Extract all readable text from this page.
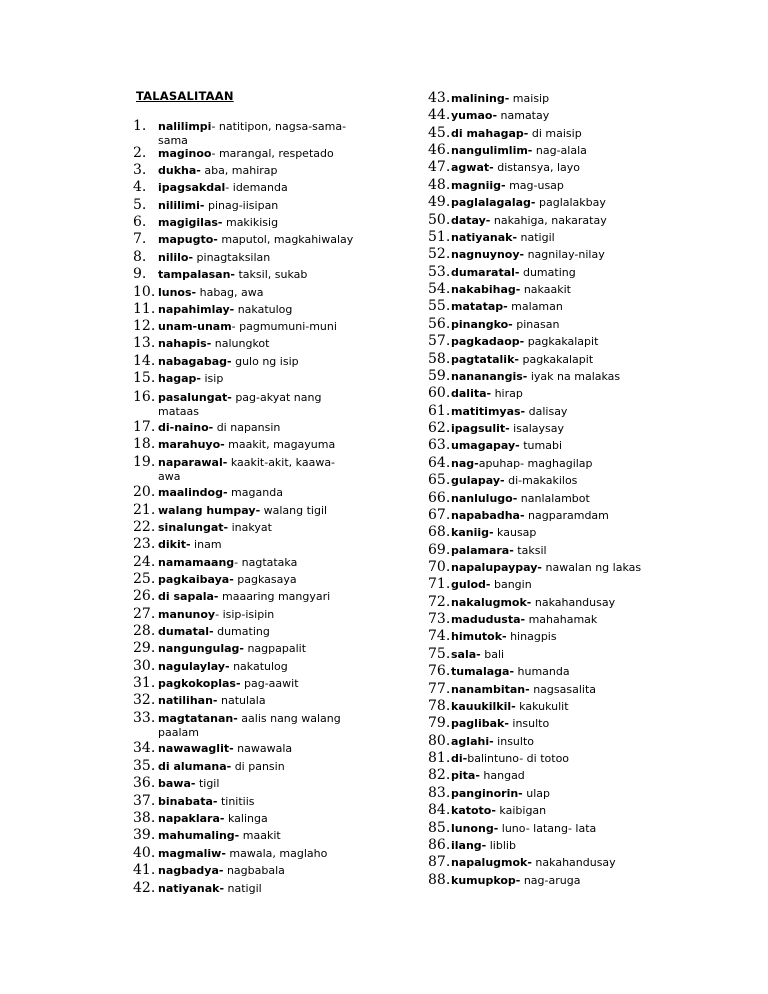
TALASALITAAN
1.	nalilimpi- natitipon, nagsa-sama-sama
2.	maginoo- marangal, respetado
3.	dukha- aba, mahirap
4.	ipagsakdal- idemanda
5.	nililimi- pinag-iisipan
6.	magigilas- makikisig
7.	mapugto- maputol, magkahiwalay
8.	nililo- pinagtaksilan
9.	tampalasan- taksil, sukab
10. lunos- habag, awa
11. napahimlay- nakatulog
12. unam-unam- pagmumuni-muni
13. nahapis- nalungkot
14. nabagabag- gulo ng isip
15. hagap- isip
16. pasalungat- pag-akyat nang mataas
17. di-naino- di napansin
18. marahuyo- maakit, magayuma
19. naparawal- kaakit-akit, kaawa-awa
20. maalindog- maganda
21. walang humpay- walang tigil
22. sinalungat- inakyat
23. dikit- inam
24. namamaang- nagtataka
25. pagkaibaya- pagkasaya
26. di sapala- maaaring mangyari
27. manunoy- isip-isipin
28. dumatal- dumating
29. nangungulag- nagpapalit
30. nagulaylay- nakatulog
31. pagkokoplas- pag-aawit
32. natilihan- natulala
33. magtatanan- aalis nang walang paalam
34. nawawaglit- nawawala
35. di alumana- di pansin
36. bawa- tigil
37. binabata- tinitiis
38. napaklara- kalinga
39. mahumaling- maakit
40. magmaliw- mawala, maglaho
41. nagbadya- nagbabala
42. natiyanak- natigil
43. malining- maisip
44. yumao- namatay
45. di mahagap- di maisip
46. nangulimlim- nag-alala
47. agwat- distansya, layo
48. magniig- mag-usap
49. paglalagalag- paglalakbay
50. datay- nakahiga, nakaratay
51. natiyanak- natigil
52. nagnuynoy- nagnilay-nilay
53. dumaratal- dumating
54. nakabihag- nakaakit
55. matatap- malaman
56. pinangko- pinasan
57. pagkadaop- pagkakalapit
58. pagtatalik- pagkakalapit
59. nananangis- iyak na malakas
60. dalita- hirap
61. matitimyas- dalisay
62. ipagsulit- isalaysay
63. umagapay- tumabi
64. nag-apuhap- maghagilap
65. gulapay- di-makakilos
66. nanlulugo- nanlalambot
67. napabadha- nagparamdam
68. kaniig- kausap
69. palamara- taksil
70. napalupaypay- nawalan ng lakas
71. gulod- bangin
72. nakalugmok- nakahandusay
73. madudusta- mahahamak
74. himutok- hinagpis
75. sala- bali
76. tumalaga- humanda
77. nanambitan- nagsasalita
78. kauukilkil- kakukulit
79. paglibak- insulto
80. aglahi- insulto
81. di-balintuno- di totoo
82. pita- hangad
83. panginorin- ulap
84. katoto- kaibigan
85. lunong- luno- latang- lata
86. ilang- liblib
87. napalugmok- nakahandusay
88. kumupkop- nag-aruga
